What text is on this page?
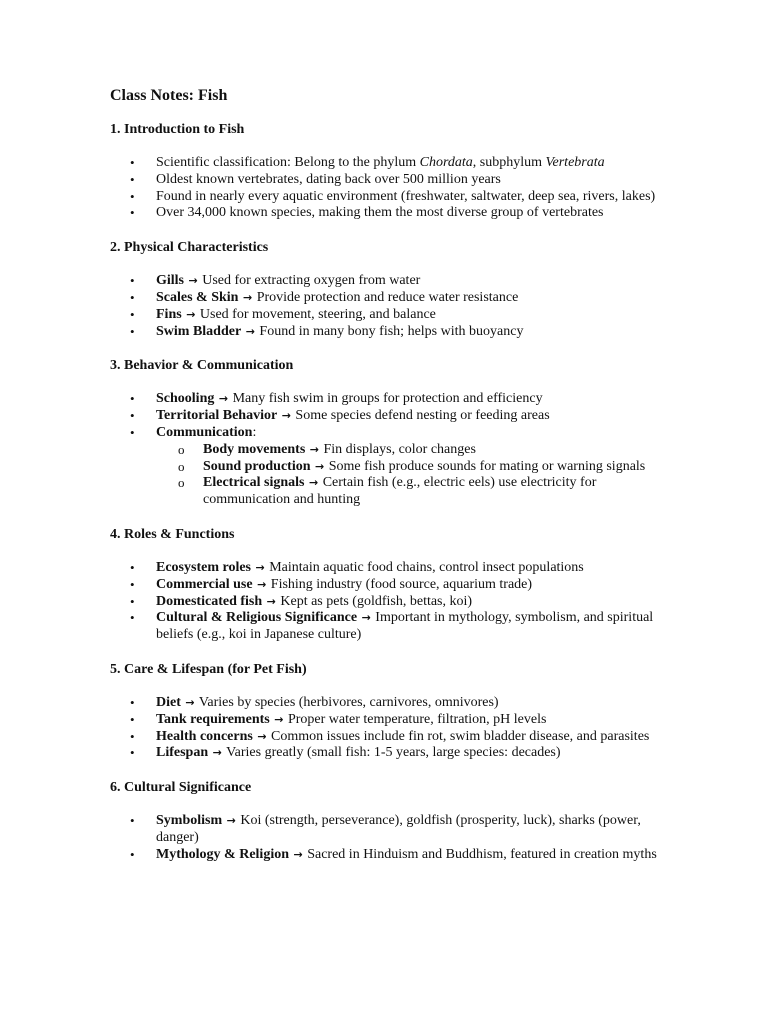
Class Notes: Fish
1. Introduction to Fish
• Scientific classification: Belong to the phylum Chordata, subphylum Vertebrata
• Oldest known vertebrates, dating back over 500 million years
• Found in nearly every aquatic environment (freshwater, saltwater, deep sea, rivers, lakes)
• Over 34,000 known species, making them the most diverse group of vertebrates
2. Physical Characteristics
• Gills → Used for extracting oxygen from water
• Scales & Skin → Provide protection and reduce water resistance
• Fins → Used for movement, steering, and balance
• Swim Bladder → Found in many bony fish; helps with buoyancy
3. Behavior & Communication
• Schooling → Many fish swim in groups for protection and efficiency
• Territorial Behavior → Some species defend nesting or feeding areas
• Communication:
o Body movements → Fin displays, color changes
o Sound production → Some fish produce sounds for mating or warning signals
o Electrical signals → Certain fish (e.g., electric eels) use electricity for communication and hunting
4. Roles & Functions
• Ecosystem roles → Maintain aquatic food chains, control insect populations
• Commercial use → Fishing industry (food source, aquarium trade)
• Domesticated fish → Kept as pets (goldfish, bettas, koi)
• Cultural & Religious Significance → Important in mythology, symbolism, and spiritual beliefs (e.g., koi in Japanese culture)
5. Care & Lifespan (for Pet Fish)
• Diet → Varies by species (herbivores, carnivores, omnivores)
• Tank requirements → Proper water temperature, filtration, pH levels
• Health concerns → Common issues include fin rot, swim bladder disease, and parasites
• Lifespan → Varies greatly (small fish: 1-5 years, large species: decades)
6. Cultural Significance
• Symbolism → Koi (strength, perseverance), goldfish (prosperity, luck), sharks (power, danger)
• Mythology & Religion → Sacred in Hinduism and Buddhism, featured in creation myths
